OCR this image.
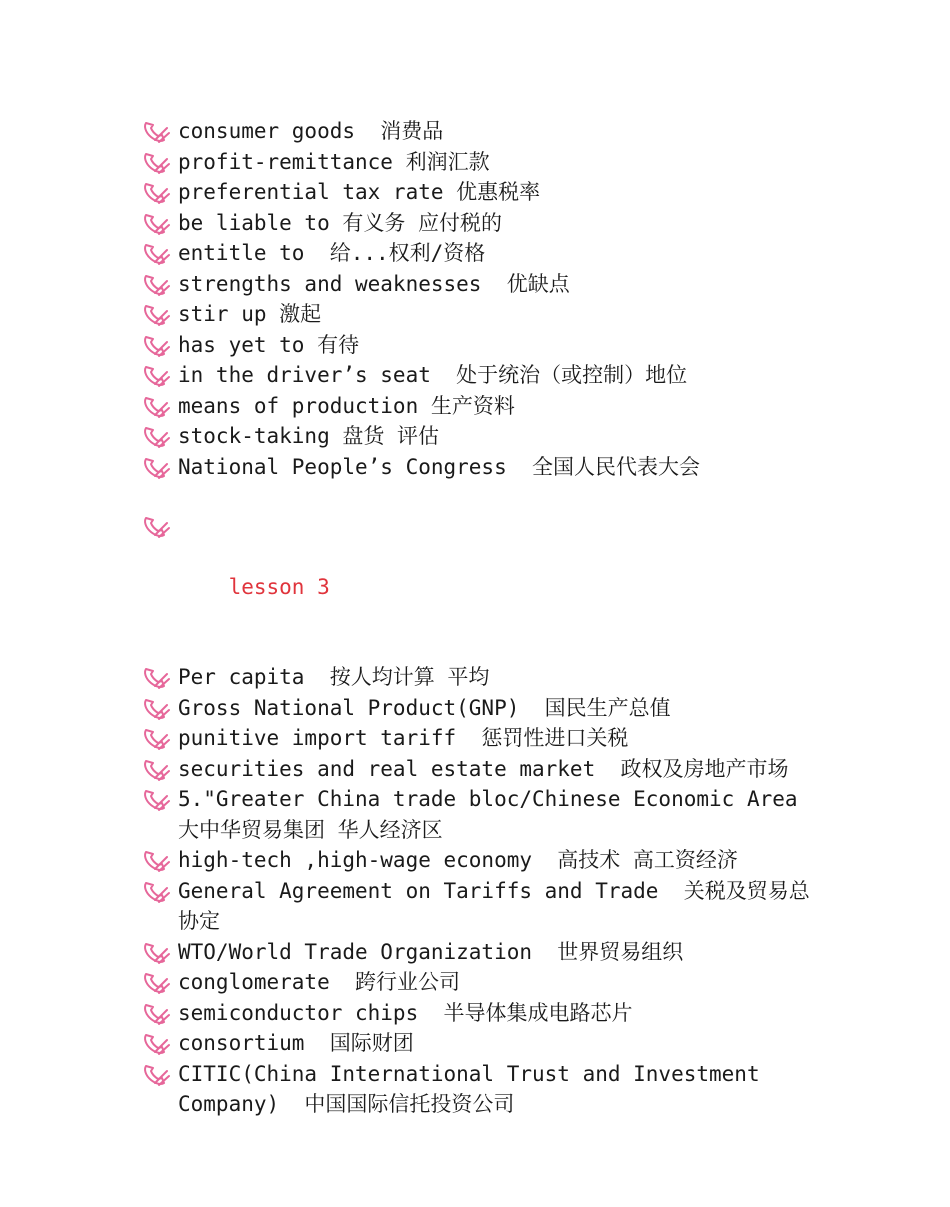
consumer goods  消费品
profit-remittance 利润汇款
preferential tax rate 优惠税率
be liable to 有义务 应付税的
entitle to  给...权利/资格
strengths and weaknesses  优缺点
stir up 激起
has yet to 有待
in the driver’s seat  处于统治（或控制）地位
means of production 生产资料
stock-taking 盘货 评估
National People’s Congress  全国人民代表大会

lesson 3

Per capita  按人均计算 平均
Gross National Product(GNP)  国民生产总值
punitive import tariff  惩罚性进口关税
securities and real estate market  政权及房地产市场
5."Greater China trade bloc/Chinese Economic Area  大中华贸易集团 华人经济区
high-tech ,high-wage economy  高技术 高工资经济
General Agreement on Tariffs and Trade  关税及贸易总协定
WTO/World Trade Organization  世界贸易组织
conglomerate  跨行业公司
semiconductor chips  半导体集成电路芯片
consortium  国际财团
CITIC(China International Trust and Investment Company)  中国国际信托投资公司
